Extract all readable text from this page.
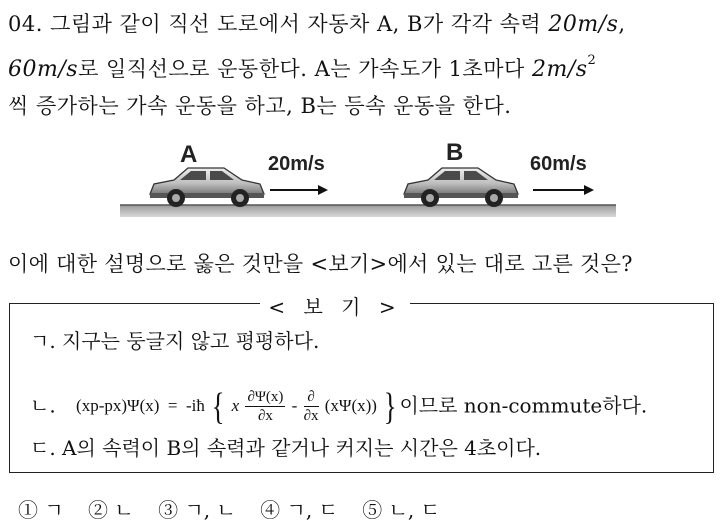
04. 그림과 같이 직선 도로에서 자동차 A, B가 각각 속력 20m/s,
60m/s로 일직선으로 운동한다. A는 가속도가 1초마다 $2m/s^2$
씩 증가하는 가속 운동을 하고, B는 등속 운동을 한다.
A	20m/s	B	60m/s
이에 대한 설명으로 옳은 것만을 <보기>에서 있는 대로 고른 것은?
< 보 기 >
ㄱ. 지구는 둥글지 않고 평평하다.
ㄴ. (xp-px)Ψ(x) = -iħ { x $\frac{\partial\Psi(x)}{\partial x} - \frac{\partial}{\partial x} (x\Psi(x))$ } 이므로 non-commute하다.
ㄷ. A의 속력이 B의 속력과 같거나 커지는 시간은 4초이다.
① ㄱ ② ㄴ ③ ㄱ, ㄴ ④ ㄱ, ㄷ ⑤ ㄴ, ㄷ
